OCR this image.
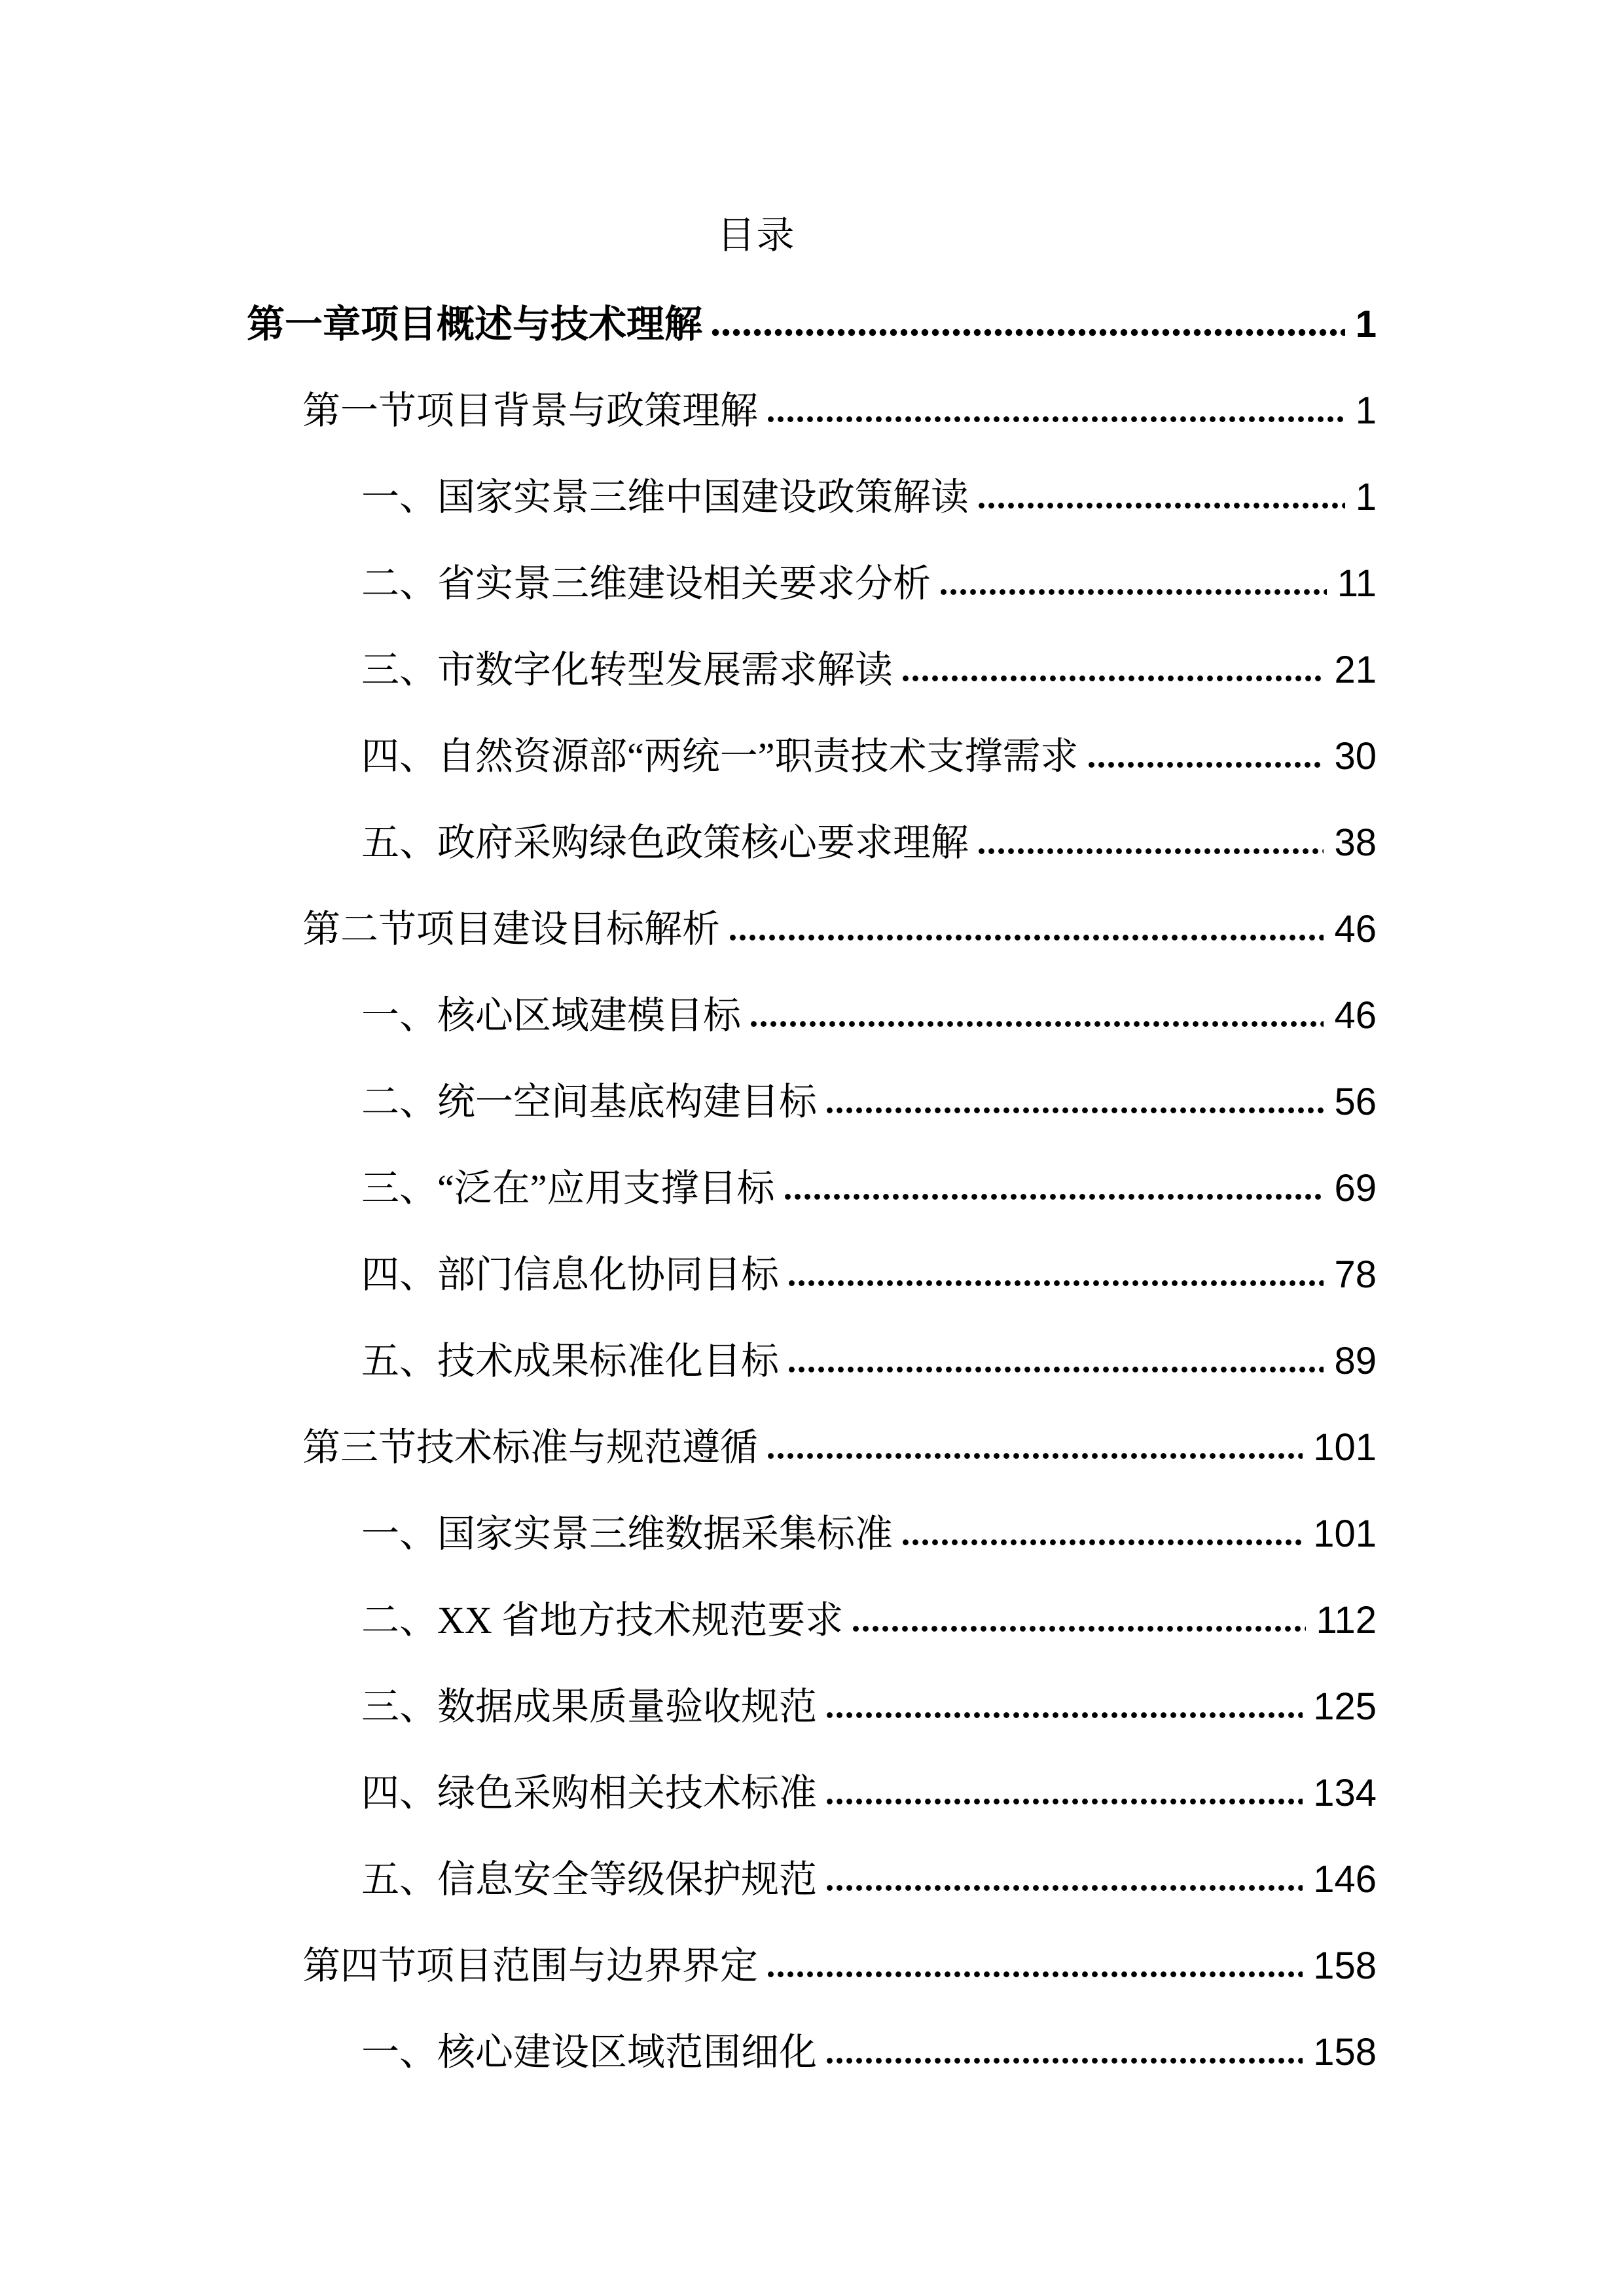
目录
第一章项目概述与技术理解	1
第一节项目背景与政策理解	1
一、国家实景三维中国建设政策解读	1
二、省实景三维建设相关要求分析	11
三、市数字化转型发展需求解读	21
四、自然资源部“两统一”职责技术支撑需求	30
五、政府采购绿色政策核心要求理解	38
第二节项目建设目标解析	46
一、核心区域建模目标	46
二、统一空间基底构建目标	56
三、“泛在”应用支撑目标	69
四、部门信息化协同目标	78
五、技术成果标准化目标	89
第三节技术标准与规范遵循	101
一、国家实景三维数据采集标准	101
二、XX 省地方技术规范要求	112
三、数据成果质量验收规范	125
四、绿色采购相关技术标准	134
五、信息安全等级保护规范	146
第四节项目范围与边界界定	158
一、核心建设区域范围细化	158
